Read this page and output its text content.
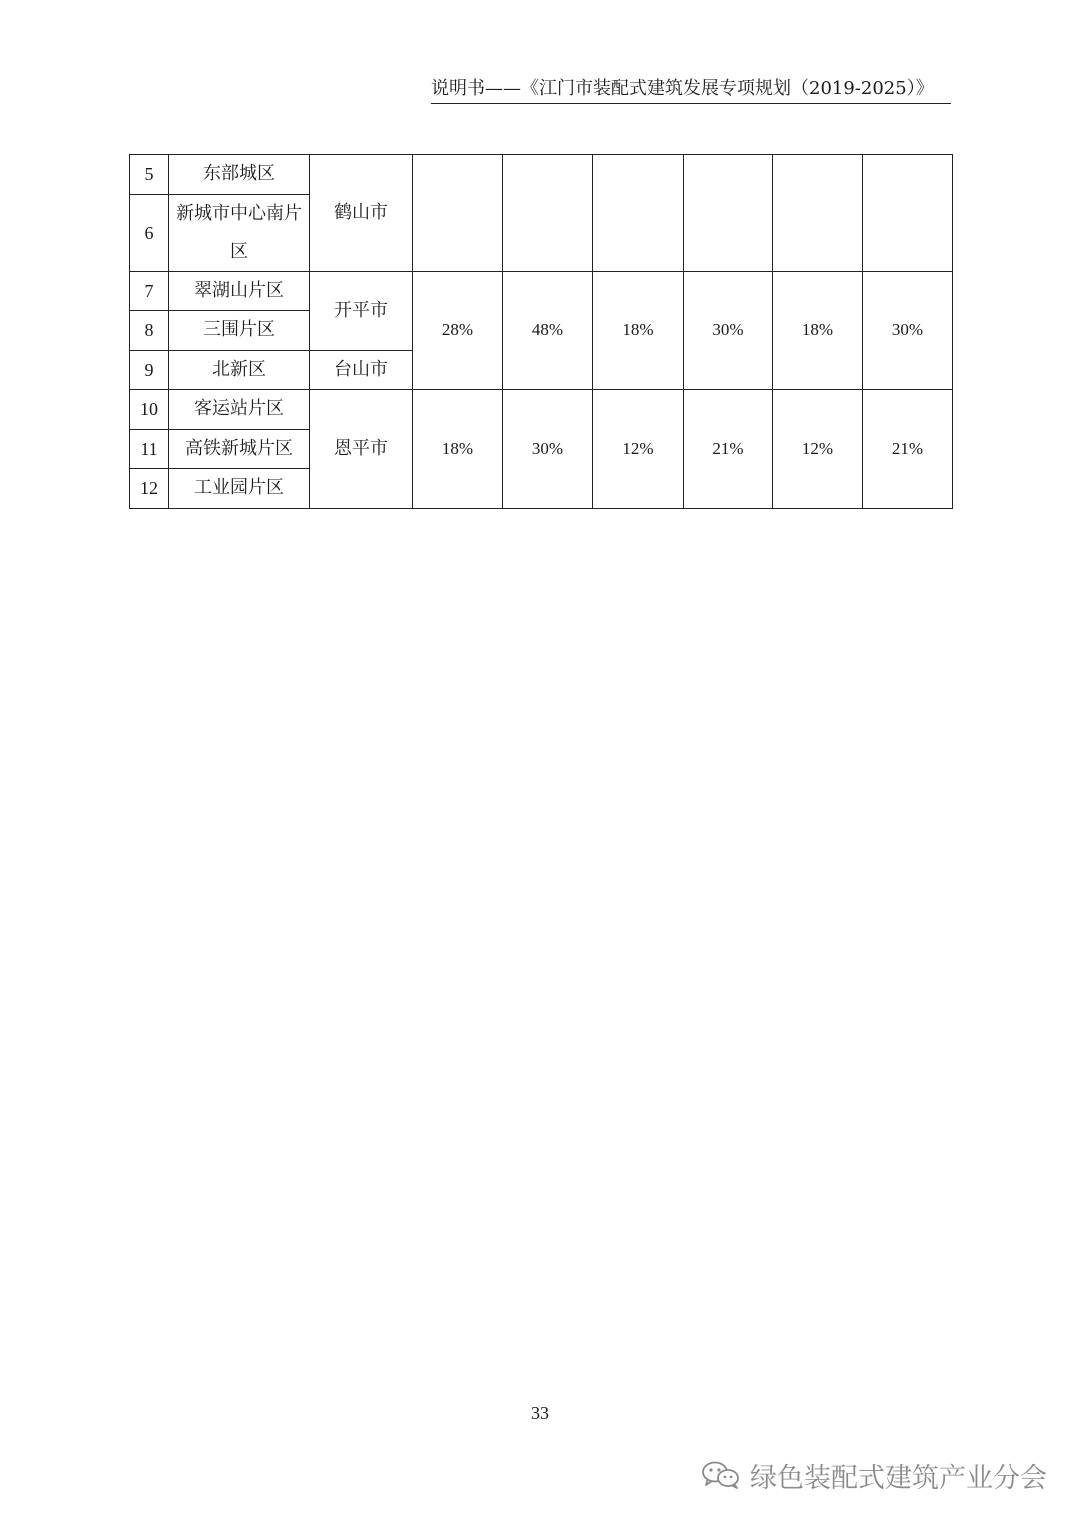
说明书——《江门市装配式建筑发展专项规划（2019-2025）》
5	东部城区	鹤山市						
6	新城市中心南片区							

7	翠湖山片区	开平市	28%	48%	18%	30%	18%	30%
8	三围片区							
9	北新区	台山市						
10	客运站片区	恩平市	18%	30%	12%	21%	12%	21%
11	高铁新城片区							
12	工业园片区							
33
绿色装配式建筑产业分会
